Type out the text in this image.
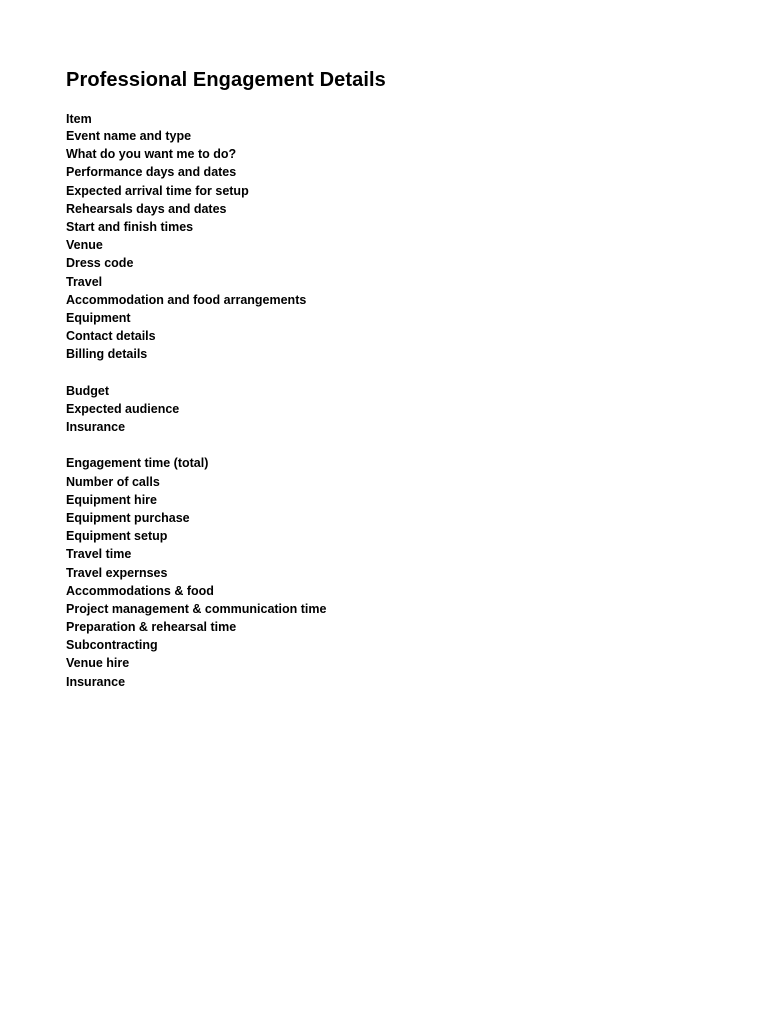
Professional Engagement Details
Item
Event name and type
What do you want me to do?
Performance days and dates
Expected arrival time for setup
Rehearsals days and dates
Start and finish times
Venue
Dress code
Travel
Accommodation and food arrangements
Equipment
Contact details
Billing details
Budget
Expected audience
Insurance
Engagement time (total)
Number of calls
Equipment hire
Equipment purchase
Equipment setup
Travel time
Travel expernses
Accommodations & food
Project management & communication time
Preparation & rehearsal time
Subcontracting
Venue hire
Insurance
